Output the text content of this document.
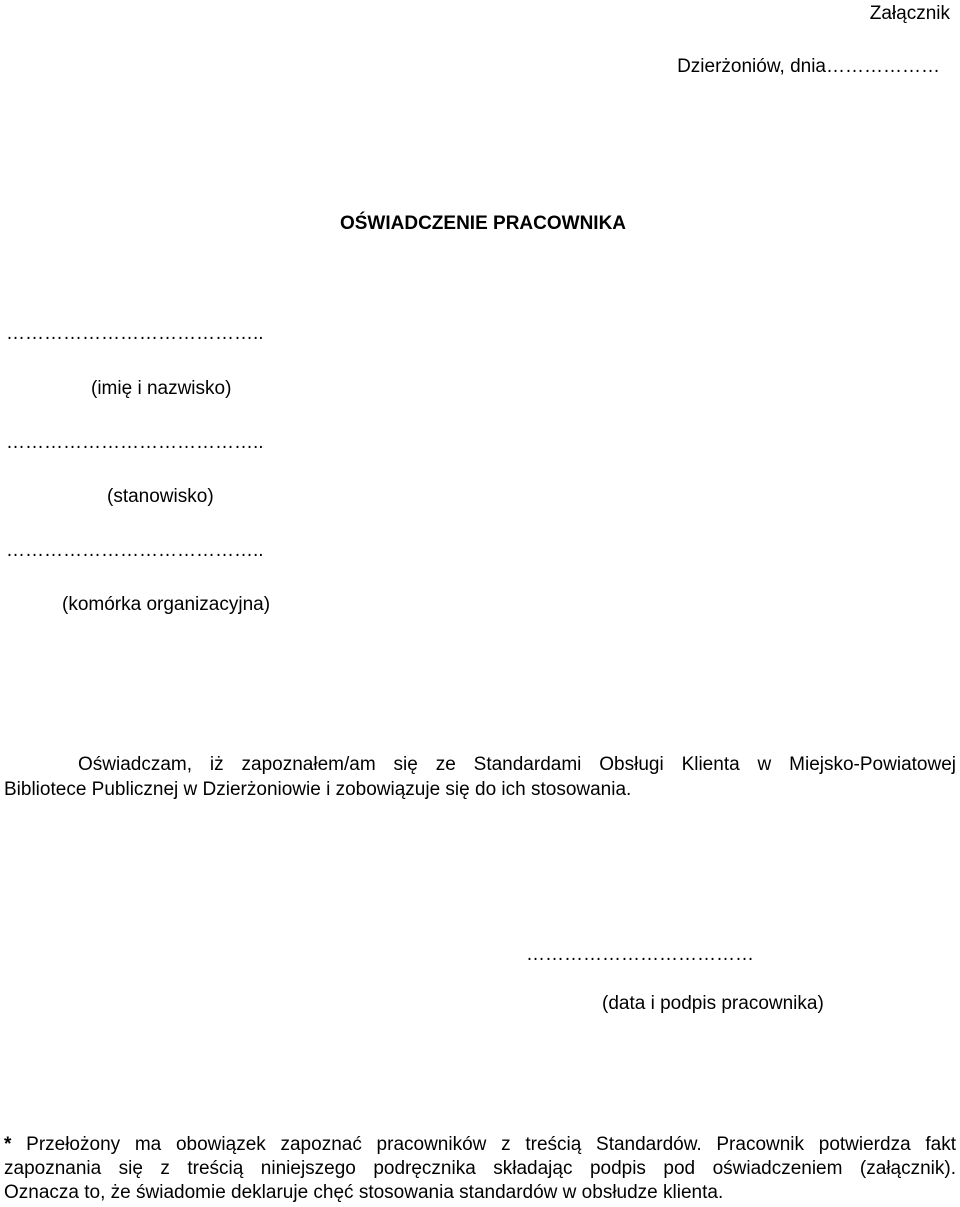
Załącznik
Dzierżoniów, dnia………………
OŚWIADCZENIE PRACOWNIKA
…………………………………..
(imię i nazwisko)
…………………………………..
(stanowisko)
…………………………………..
(komórka organizacyjna)
Oświadczam, iż zapoznałem/am się ze Standardami Obsługi Klienta w Miejsko-Powiatowej
Bibliotece Publicznej w Dzierżoniowie i zobowiązuje się do ich stosowania.
………………………………
(data i podpis pracownika)
* Przełożony ma obowiązek zapoznać pracowników z treścią Standardów. Pracownik potwierdza fakt
zapoznania się z treścią niniejszego podręcznika składając podpis pod oświadczeniem (załącznik).
Oznacza to, że świadomie deklaruje chęć stosowania standardów w obsłudze klienta.
